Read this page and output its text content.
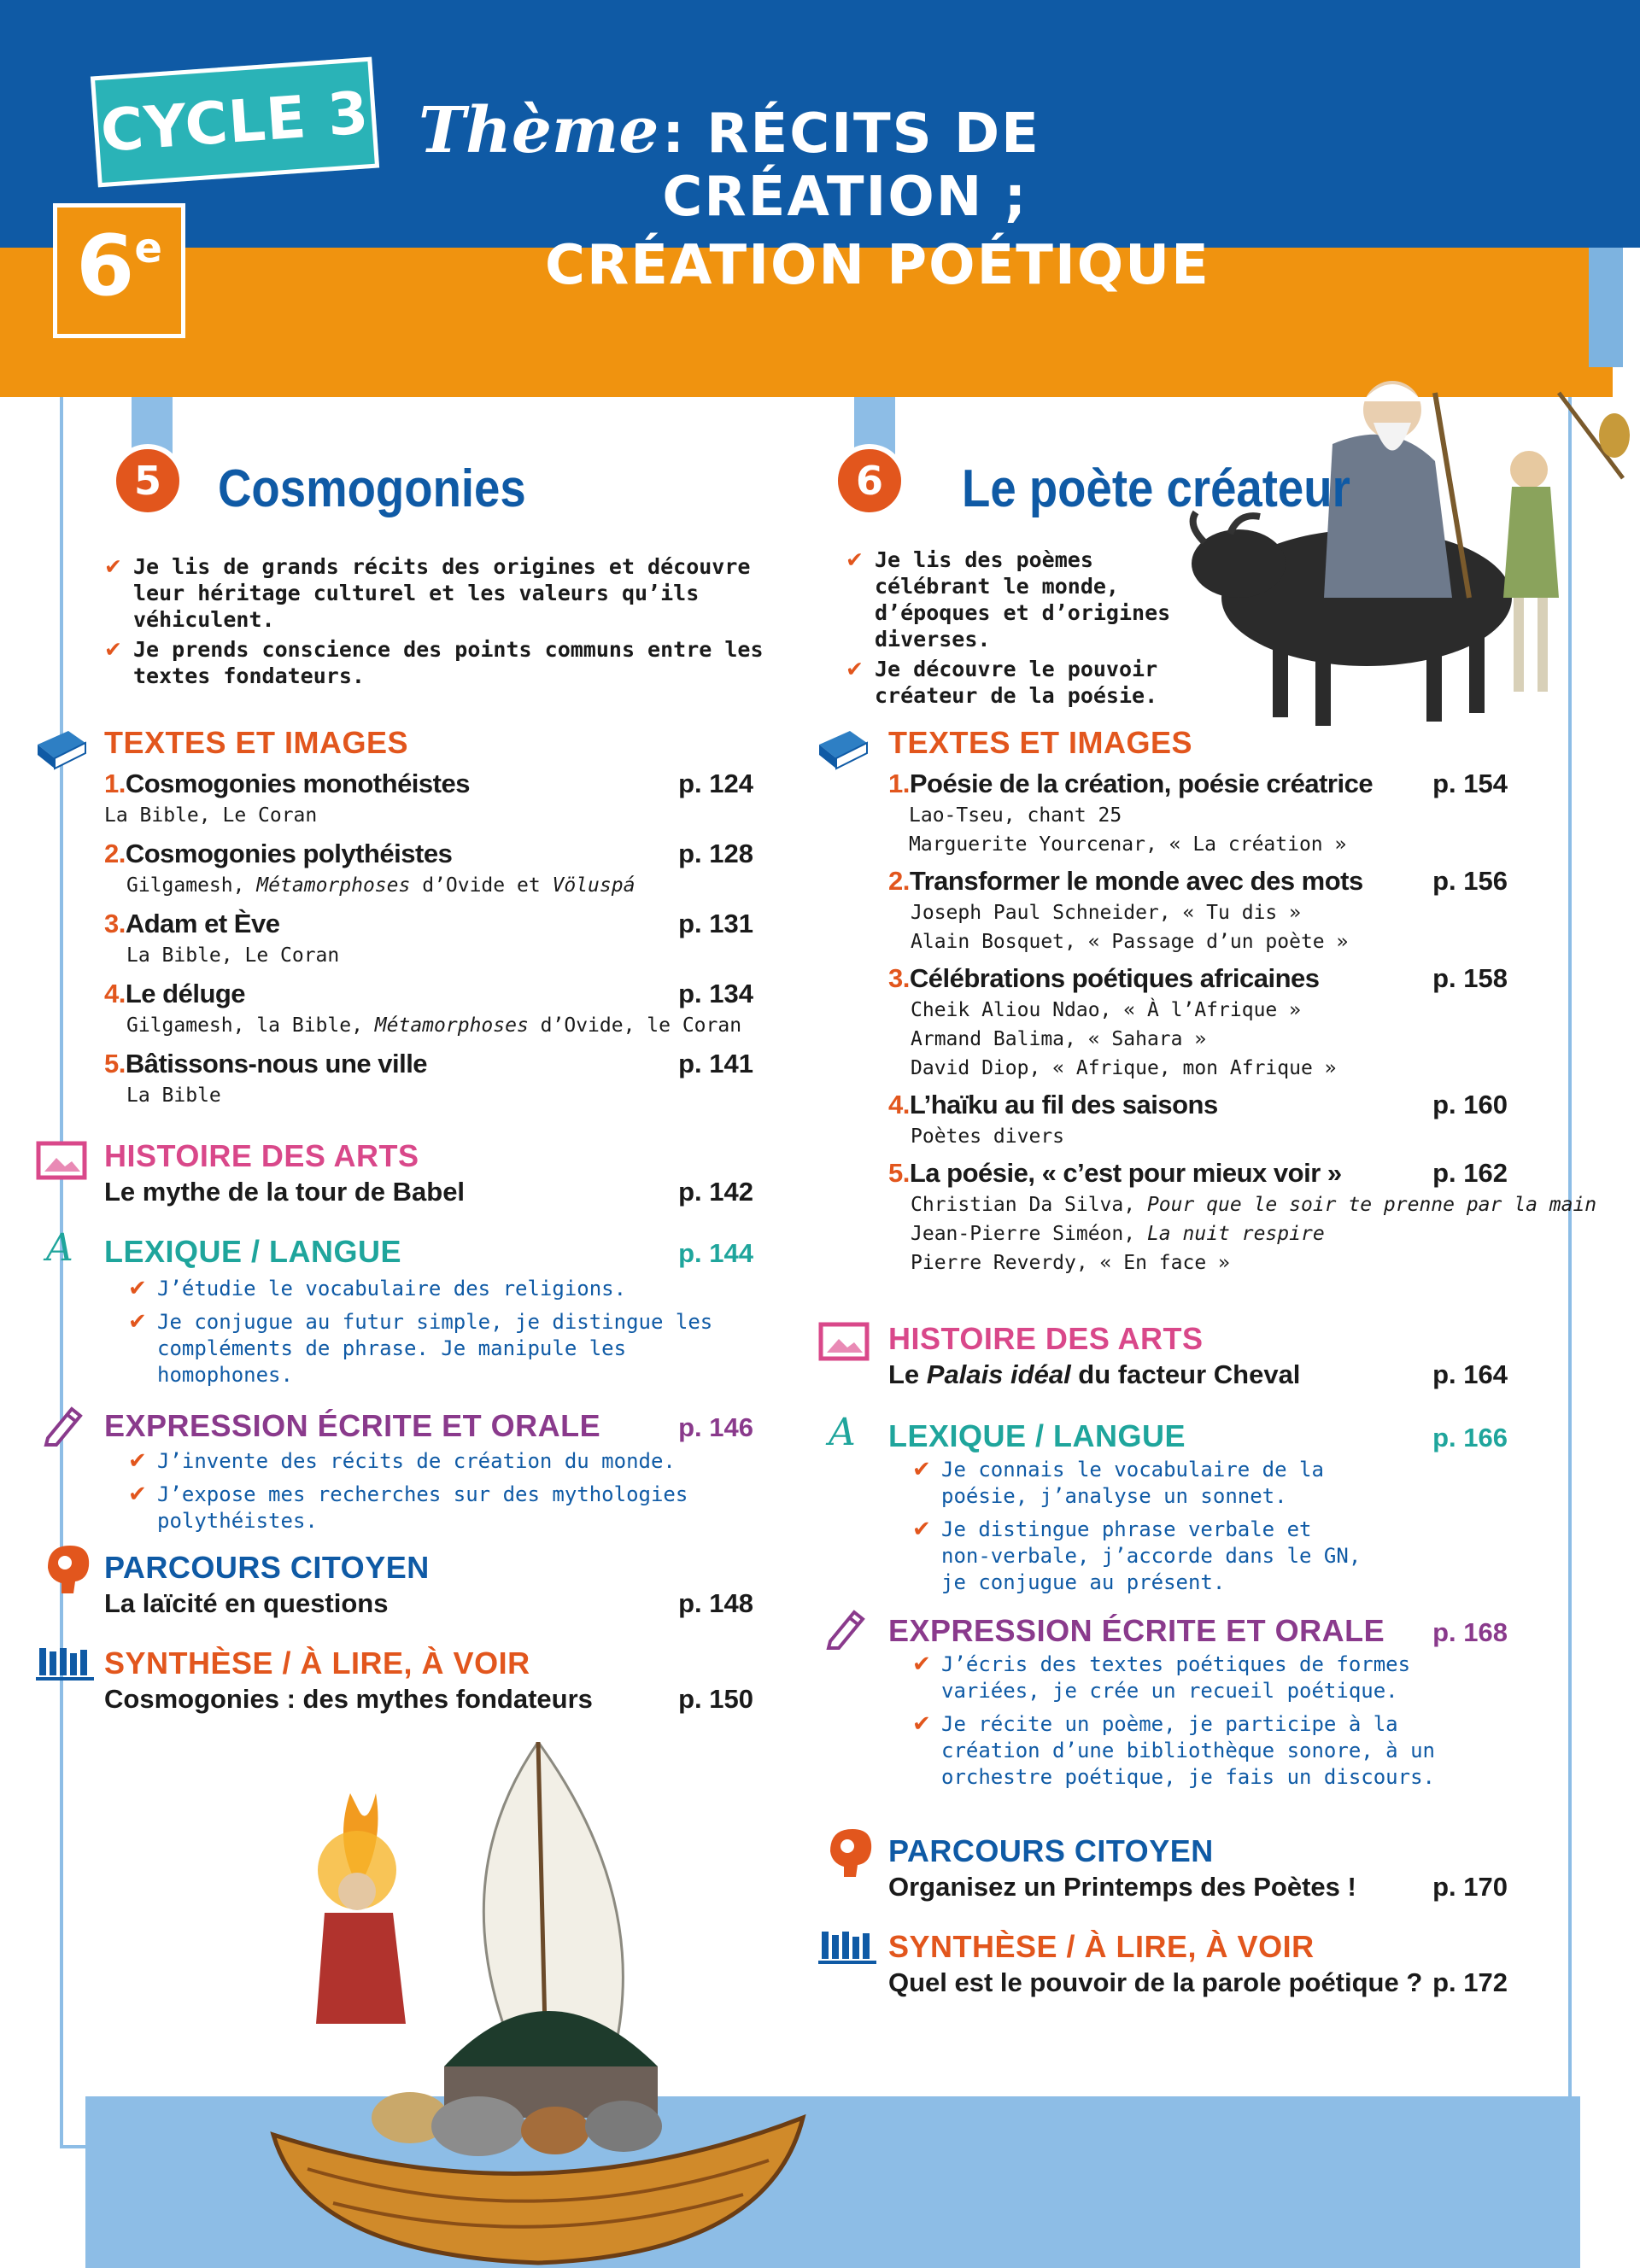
CYCLE 3
6 e
Thème : RÉCITS DE CRÉATION ;
CRÉATION POÉTIQUE
5	Cosmogonies
✔ Je lis de grands récits des origines et découvre leur héritage culturel et les valeurs qu’ils véhiculent.
✔ Je prends conscience des points communs entre les textes fondateurs.
TEXTES ET IMAGES
1.Cosmogonies monothéistes	p. 124
La Bible, Le Coran
2.Cosmogonies polythéistes	p. 128
Gilgamesh, Métamorphoses d’Ovide et Völuspá
3.Adam et Ève	p. 131
La Bible, Le Coran
4.Le déluge	p. 134
Gilgamesh, la Bible, Métamorphoses d’Ovide, le Coran
5.Bâtissons-nous une ville	p. 141
La Bible
HISTOIRE DES ARTS
Le mythe de la tour de Babel	p. 142
A LEXIQUE / LANGUE	p. 144
✔ J’étudie le vocabulaire des religions.
✔ Je conjugue au futur simple, je distingue les compléments de phrase. Je manipule les homophones.
EXPRESSION ÉCRITE ET ORALE	p. 146
✔ J’invente des récits de création du monde.
✔ J’expose mes recherches sur des mythologies polythéistes.
PARCOURS CITOYEN
La laïcité en questions	p. 148
SYNTHÈSE / À LIRE, À VOIR
Cosmogonies : des mythes fondateurs	p. 150
6	Le poète créateur
✔ Je lis des poèmes célébrant le monde, d’époques et d’origines diverses.
✔ Je découvre le pouvoir créateur de la poésie.
TEXTES ET IMAGES
1.Poésie de la création, poésie créatrice p. 154
Lao-Tseu, chant 25
Marguerite Yourcenar, « La création »
2.Transformer le monde avec des mots	p. 156
Joseph Paul Schneider, « Tu dis »
Alain Bosquet, « Passage d’un poète »
3.Célébrations poétiques africaines	p. 158
Cheik Aliou Ndao, « À l’Afrique »
Armand Balima, « Sahara »
David Diop, « Afrique, mon Afrique »
4.L’haïku au fil des saisons	p. 160
Poètes divers
5.La poésie, « c’est pour mieux voir »	p. 162
Christian Da Silva, Pour que le soir te prenne par la main
Jean-Pierre Siméon, La nuit respire
Pierre Reverdy, « En face »
HISTOIRE DES ARTS
Le Palais idéal du facteur Cheval	p. 164
A LEXIQUE / LANGUE	p. 166
✔ Je connais le vocabulaire de la poésie, j’analyse un sonnet.
✔ Je distingue phrase verbale et non-verbale, j’accorde dans le GN, je conjugue au présent.
EXPRESSION ÉCRITE ET ORALE p. 168
✔ J’écris des textes poétiques de formes variées, je crée un recueil poétique.
✔ Je récite un poème, je participe à la création d’une bibliothèque sonore, à un orchestre poétique, je fais un discours.
PARCOURS CITOYEN
Organisez un Printemps des Poètes !	p. 170
SYNTHÈSE / À LIRE, À VOIR
Quel est le pouvoir de la parole poétique ? p. 172
